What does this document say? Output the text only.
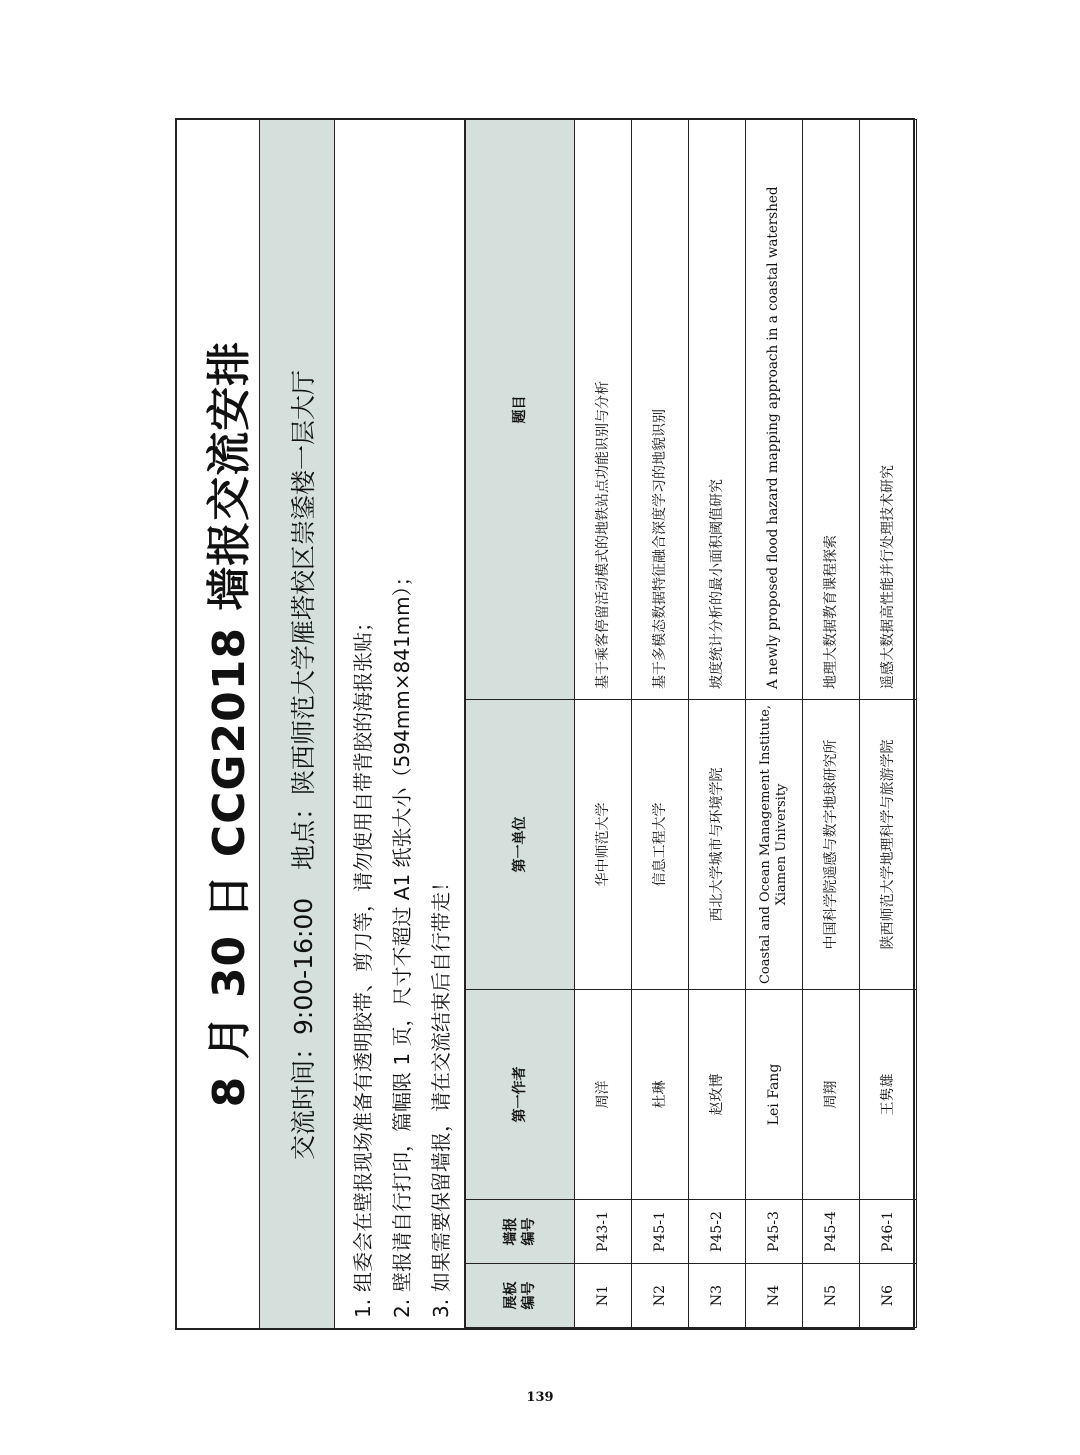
8 月 30 日 CCG2018 墙报交流安排 交流时间：9:00-16:00
地点：陕西师范大学雁塔校区崇鋈楼一层大厅
1.组委会在壁报现场准备有透明胶带、剪刀等，请勿使用自带背胶的海报张贴；
2.壁报请自行打印，篇幅限 1 页，尺寸不超过 A1 纸张大小（594mm×841mm）；
3.如果需要保留墙报，请在交流结束后自行带走！
展板 编号	墙报 编号	第一作者	第一单位	题目
N1	P43-1	周洋	华中师范大学	基于乘客停留活动模式的地铁站点功能识别与分析
N2	P45-1	杜琳	信息工程大学	基于多模态数据特征融合深度学习的地貌识别
N3	P45-2	赵玫博	西北大学城市与环境学院	坡度统计分析的最小面积阈值研究
N4	P45-3	Lei Fang	Coastal and Ocean Management Institute, Xiamen University	A newly proposed flood hazard mapping approach in a coastal watershed
N5	P45-4	周翔	中国科学院遥感与数字地球研究所	地理大数据教育课程探索
N6	P46-1	王隽雄	陕西师范大学地理科学与旅游学院	遥感大数据高性能并行处理技术研究
139
